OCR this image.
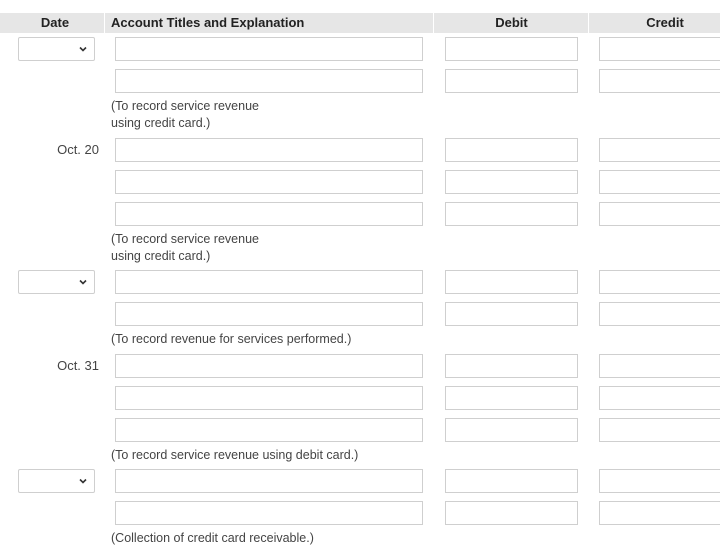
Date	Account Titles and Explanation	Debit	Credit
(To record service revenue
using credit card.)
Oct. 20
(To record service revenue
using credit card.)
(To record revenue for services performed.)
Oct. 31
(To record service revenue using debit card.)
(Collection of credit card receivable.)
